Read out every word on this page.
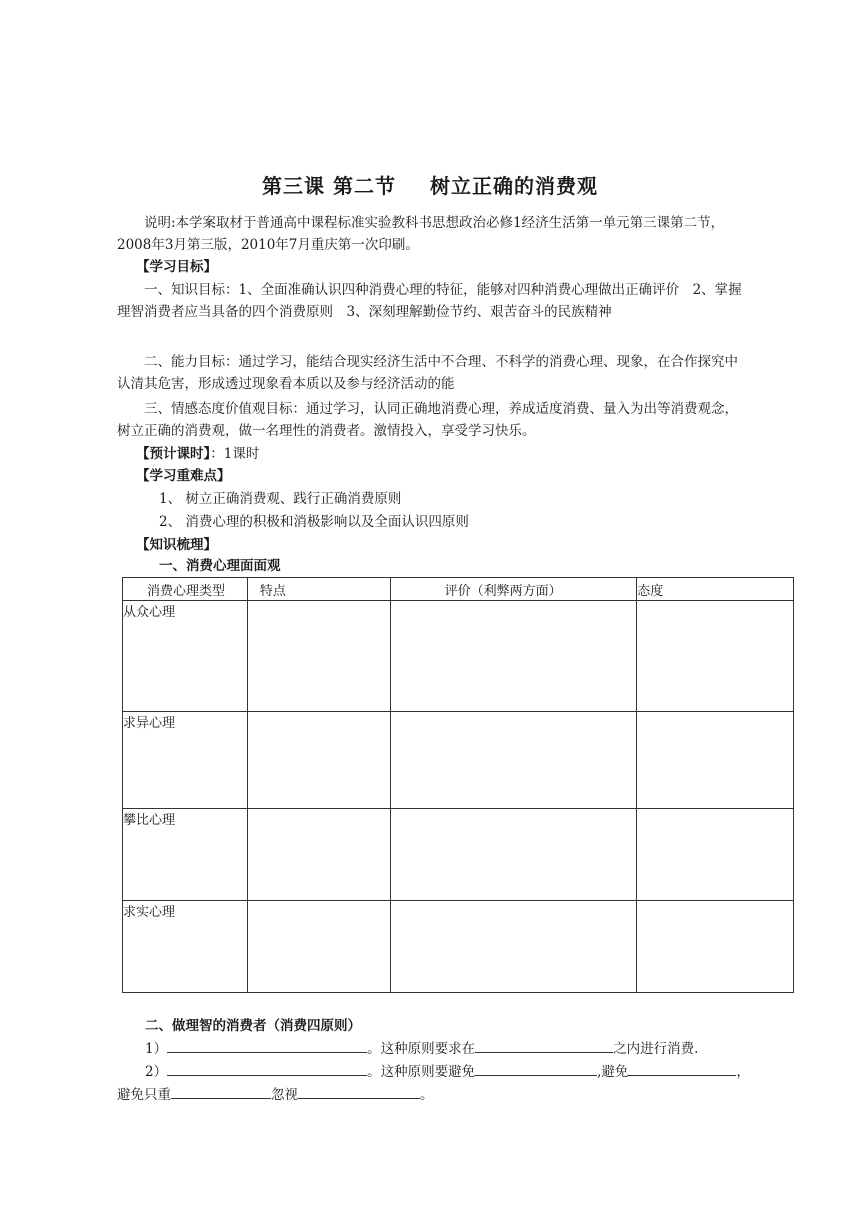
第三课 第二节 树立正确的消费观
说明:本学案取材于普通高中课程标准实验教科书思想政治必修1经济生活第一单元第三课第二节，2008年3月第三版，2010年7月重庆第一次印刷。
【学习目标】
一、知识目标：1、全面准确认识四种消费心理的特征，能够对四种消费心理做出正确评价　2、掌握理智消费者应当具备的四个消费原则　3、深刻理解勤俭节约、艰苦奋斗的民族精神
二、能力目标：通过学习，能结合现实经济生活中不合理、不科学的消费心理、现象，在合作探究中认清其危害，形成透过现象看本质以及参与经济活动的能
三、情感态度价值观目标：通过学习，认同正确地消费心理，养成适度消费、量入为出等消费观念，树立正确的消费观，做一名理性的消费者。激情投入，享受学习快乐。
【预计课时】：1课时
【学习重难点】
1、 树立正确消费观、践行正确消费原则
2、 消费心理的积极和消极影响以及全面认识四原则
【知识梳理】
一、消费心理面面观
消费心理类型	特点	评价（利弊两方面）	态度
从众心理			
求异心理			
攀比心理			
求实心理			
二、做理智的消费者（消费四原则）
1）	。这种原则要求在	之内进行消费.
2）	。这种原则要避免	,避免	，
避免只重	忽视	。
